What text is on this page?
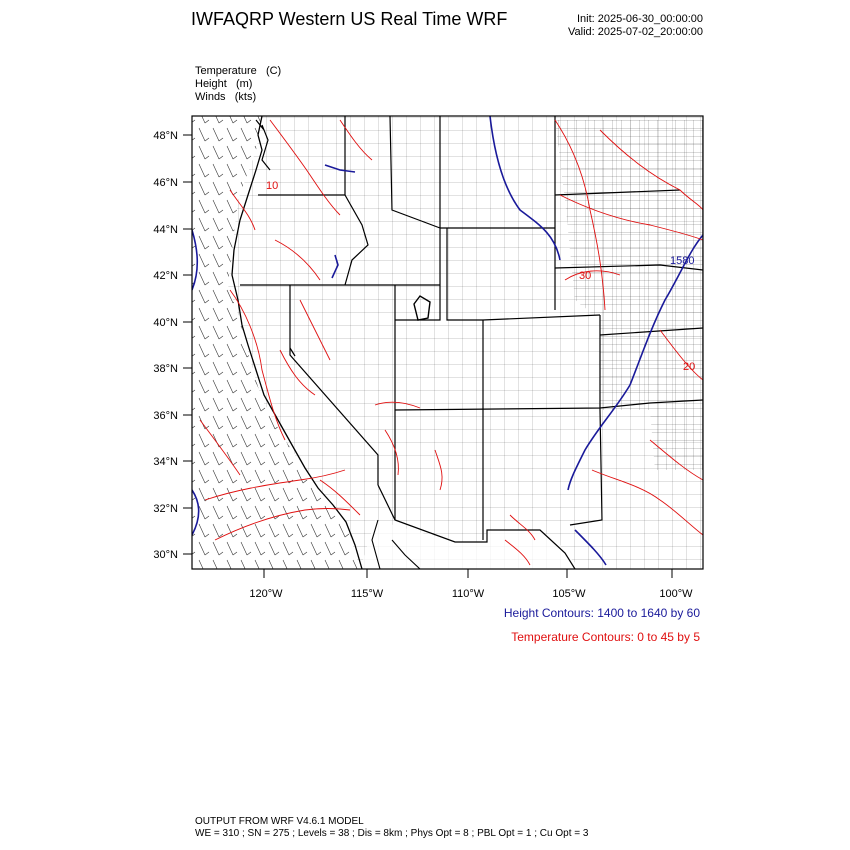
IWFAQRP Western US Real Time WRF	Init: 2025-06-30_00:00:00
Valid: 2025-07-02_20:00:00
Temperature (C)
Height (m)
Winds (kts)
48°N
46°N
44°N
42°N
40°N
38°N
36°N
34°N
32°N
30°N
120°W	115°W	110°W	105°W	100°W
30
20
10
1580
Height Contours: 1400 to 1640 by 60
Temperature Contours: 0 to 45 by 5
OUTPUT FROM WRF V4.6.1 MODEL
WE = 310 ; SN = 275 ; Levels = 38 ; Dis = 8km ; Phys Opt = 8 ; PBL Opt = 1 ; Cu Opt = 3
